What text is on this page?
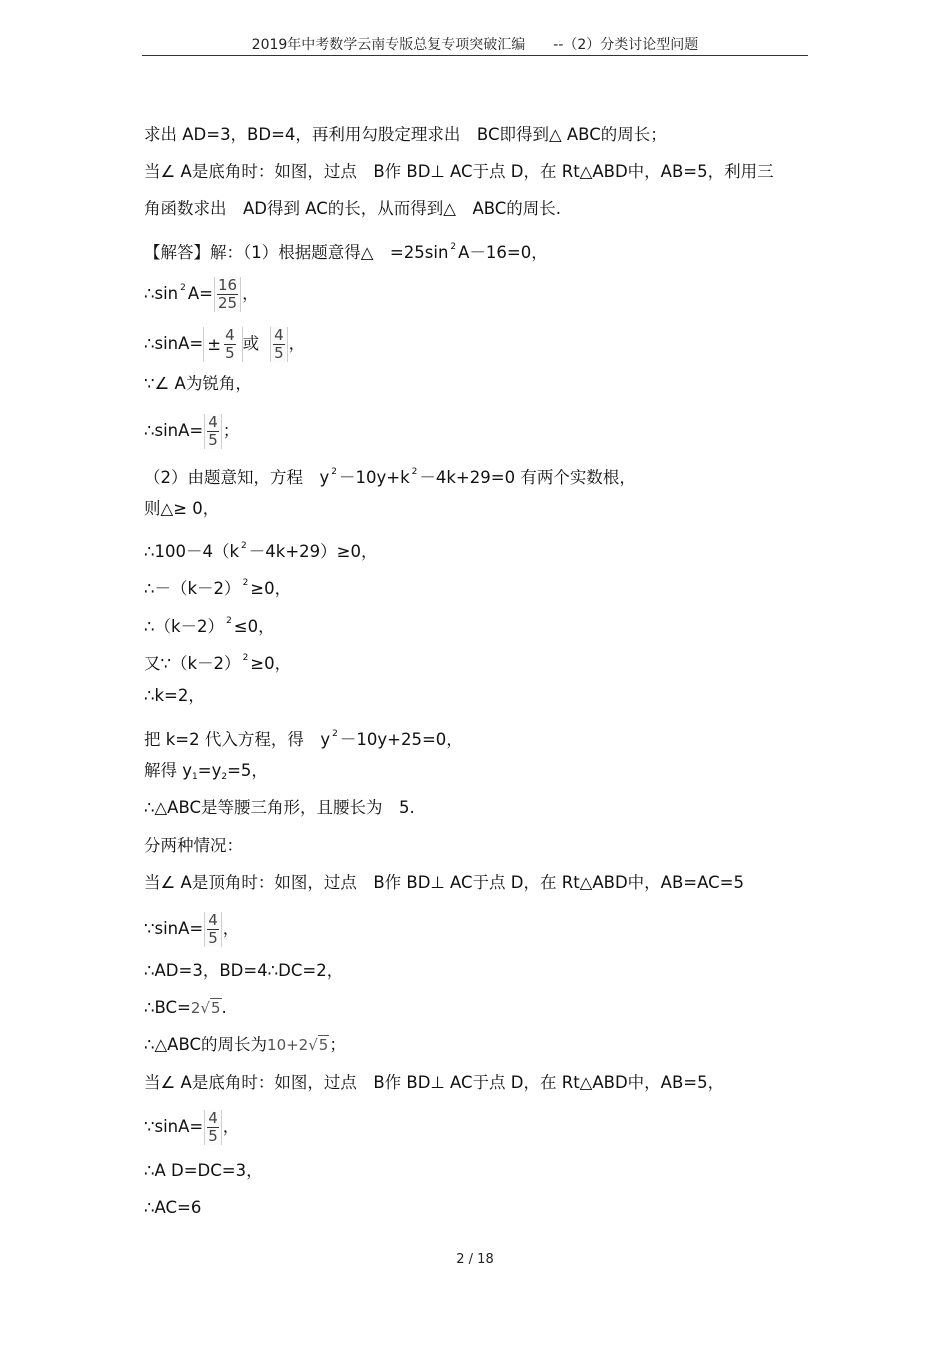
2019年中考数学云南专版总复专项突破汇编　　--（2）分类讨论型问题
求出 AD=3，BD=4，再利用勾股定理求出　BC即得到△ ABC的周长；
当∠ A是底角时：如图，过点　B作 BD⊥ AC于点 D，在 Rt△ABD中，AB=5，利用三
角函数求出　AD得到 AC的长，从而得到△　ABC的周长.
【解答】解：（1）根据题意得△　=25sin $^2$ A－16=0，
∴sin $^2$ $A= \frac{16}{25}$ ，
∴sinA= ± $\frac{4}{5}$ 或 $\frac{4}{5}$ ，
∵∠ A为锐角，
∴sinA= $\frac{4}{5}$ ；
（2）由题意知，方程　y $^2$ －10y+k $^2$ －4k+29=0 有两个实数根，
则△≥ 0，
∴100－4（k $^2$ －4k+29）≥0，
∴－（k－2） $^2$ ≥0，
∴（k－2） $^2$ ≤0，
又∵（k－2） $^2$ ≥0，
∴k=2，
把 k=2 代入方程，得　y $^2$ －10y+25=0，
解得 $y_1=y_2=5$，
∴△ABC是等腰三角形，且腰长为　5.
分两种情况：
当∠ A是顶角时：如图，过点　B作 BD⊥ AC于点 D，在 Rt△ABD中，AB=AC=5
∵sinA= $\frac{4}{5}$ ，
∴AD=3，BD=4∴DC=2，
∴BC=2√5.
∴△ABC的周长为10+2√5；
当∠ A是底角时：如图，过点　B作 BD⊥ AC于点 D，在 Rt△ABD中，AB=5，
∵sinA= $\frac{4}{5}$ ，
∴A D=DC=3，
∴AC=6
2 / 18
